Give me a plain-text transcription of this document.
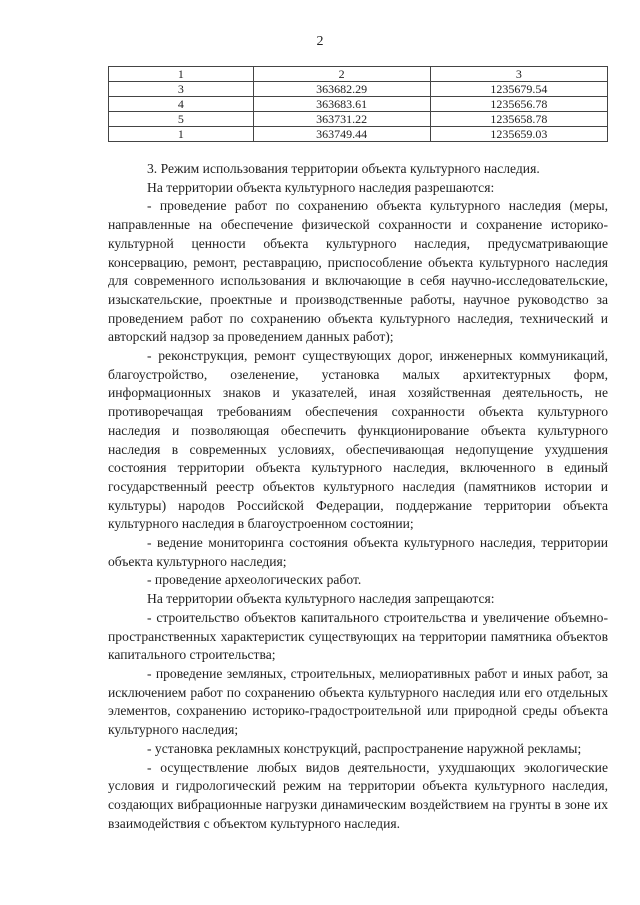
2
1	2	3
3	363682.29	1235679.54
4	363683.61	1235656.78
5	363731.22	1235658.78
1	363749.44	1235659.03

3. Режим использования территории объекта культурного наследия.

На территории объекта культурного наследия разрешаются:

- проведение работ по сохранению объекта культурного наследия (меры, направленные на обеспечение физической сохранности и сохранение историко-культурной ценности объекта культурного наследия, предусматривающие консервацию, ремонт, реставрацию, приспособление объекта культурного наследия для современного использования и включающие в себя научно-исследовательские, изыскательские, проектные и производственные работы, научное руководство за проведением работ по сохранению объекта культурного наследия, технический и авторский надзор за проведением данных работ);

- реконструкция, ремонт существующих дорог, инженерных коммуникаций, благоустройство, озеленение, установка малых архитектурных форм, информационных знаков и указателей, иная хозяйственная деятельность, не противоречащая требованиям обеспечения сохранности объекта культурного наследия и позволяющая обеспечить функционирование объекта культурного наследия в современных условиях, обеспечивающая недопущение ухудшения состояния территории объекта культурного наследия, включенного в единый государственный реестр объектов культурного наследия (памятников истории и культуры) народов Российской Федерации, поддержание территории объекта культурного наследия в благоустроенном состоянии;

- ведение мониторинга состояния объекта культурного наследия, территории объекта культурного наследия;

- проведение археологических работ.

На территории объекта культурного наследия запрещаются:

- строительство объектов капитального строительства и увеличение объемно-пространственных характеристик существующих на территории памятника объектов капитального строительства;

- проведение земляных, строительных, мелиоративных работ и иных работ, за исключением работ по сохранению объекта культурного наследия или его отдельных элементов, сохранению историко-градостроительной или природной среды объекта культурного наследия;

- установка рекламных конструкций, распространение наружной рекламы;

- осуществление любых видов деятельности, ухудшающих экологические условия и гидрологический режим на территории объекта культурного наследия, создающих вибрационные нагрузки динамическим воздействием на грунты в зоне их взаимодействия с объектом культурного наследия.
